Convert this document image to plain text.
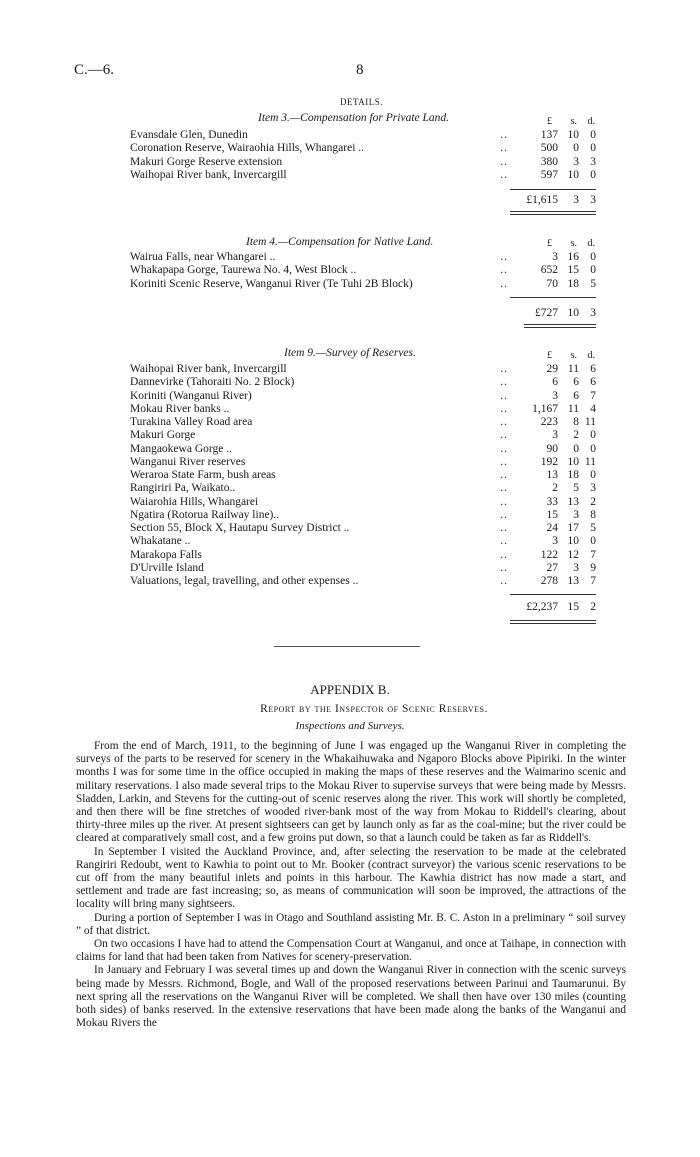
C.—6.	8
DETAILS.
Item 3.—Compensation for Private Land.	£ s. d.
Evansdale Glen, Dunedin	..	137 10 0
Coronation Reserve, Wairaohia Hills, Whangarei ..	..	500	0 0
Makuri Gorge Reserve extension	..	380	3 3
Waihopai River bank, Invercargill	..	597 10 0
£1,615	3 3
Item 4.—Compensation for Native Land.	£ s. d.
Wairua Falls, near Whangarei ..	..	3 16 0
Whakapapa Gorge, Taurewa No. 4, West Block ..	..	652 15 0
Koriniti Scenic Reserve, Wanganui River (Te Tuhi 2B Block)	..	70 18 5
£727 10 3
Item 9.—Survey of Reserves.	£ s. d.
Waihopai River bank, Invercargill	..	29 11 6
Dannevirke (Tahoraiti No. 2 Block)	..	6	6 6
Koriniti (Wanganui River)	..	3	6 7
Mokau River banks ..	..	1,167 11 4
Turakina Valley Road area	..	223	8 11
Makuri Gorge	..	3	2 0
Mangaokewa Gorge ..	..	90	0 0
Wanganui River reserves	..	192 10 11
Weraroa State Farm, bush areas	..	13 18 0
Rangiriri Pa, Waikato..	..	2	5 3
Waiarohia Hills, Whangarei	..	33 13 2
Ngatira (Rotorua Railway line)..	..	15	3 8
Section 55, Block X, Hautapu Survey District ..	..	24 17 5
Whakatane ..	..	3 10 0
Marakopa Falls	..	122 12 7
D'Urville Island	..	27	3 9
Valuations, legal, travelling, and other expenses ..	..	278 13 7
£2,237 15 2
APPENDIX B.
Report by the Inspector of Scenic Reserves.
Inspections and Surveys.

From the end of March, 1911, to the beginning of June I was engaged up the Wanganui River in completing the surveys of the parts to be reserved for scenery in the Whakaihuwaka and Ngaporo Blocks above Pipiriki. In the winter months I was for some time in the office occupied in making the maps of these reserves and the Waimarino scenic and military reservations. I also made several trips to the Mokau River to supervise surveys that were being made by Messrs. Sladden, Larkin, and Stevens for the cutting-out of scenic reserves along the river. This work will shortly be completed, and then there will be fine stretches of wooded river-bank most of the way from Mokau to Riddell's clearing, about thirty-three miles up the river. At present sightseers can get by launch only as far as the coal-mine; but the river could be cleared at comparatively small cost, and a few groins put down, so that a launch could be taken as far as Riddell's.

In September I visited the Auckland Province, and, after selecting the reservation to be made at the celebrated Rangiriri Redoubt, went to Kawhia to point out to Mr. Booker (contract surveyor) the various scenic reservations to be cut off from the many beautiful inlets and points in this harbour. The Kawhia district has now made a start, and settlement and trade are fast increasing; so, as means of communication will soon be improved, the attractions of the locality will bring many sightseers.

During a portion of September I was in Otago and Southland assisting Mr. B. C. Aston in a preliminary “ soil survey ” of that district.

On two occasions I have had to attend the Compensation Court at Wanganui, and once at Taihape, in connection with claims for land that had been taken from Natives for scenery-preservation.

In January and February I was several times up and down the Wanganui River in connection with the scenic surveys being made by Messrs. Richmond, Bogle, and Wall of the proposed reservations between Parinui and Taumarunui. By next spring all the reservations on the Wanganui River will be completed. We shall then have over 130 miles (counting both sides) of banks reserved. In the extensive reservations that have been made along the banks of the Wanganui and Mokau Rivers the
